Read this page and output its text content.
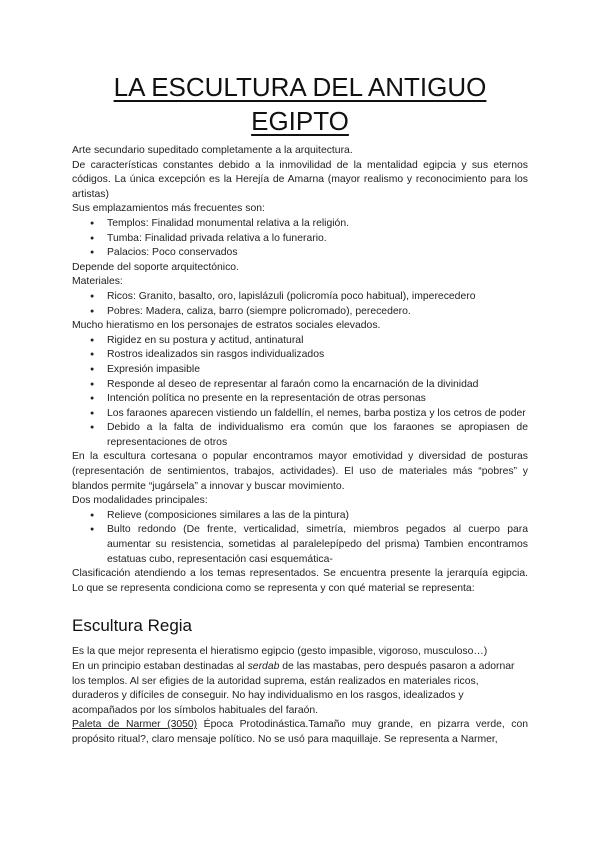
LA ESCULTURA DEL ANTIGUO EGIPTO

Arte secundario supeditado completamente a la arquitectura.

De características constantes debido a la inmovilidad de la mentalidad egipcia y sus eternos códigos. La única excepción es la Herejía de Amarna (mayor realismo y reconocimiento para los artistas)

Sus emplazamientos más frecuentes son:

● Templos: Finalidad monumental relativa a la religión.
● Tumba: Finalidad privada relativa a lo funerario.
● Palacios: Poco conservados

Depende del soporte arquitectónico.

Materiales:

● Ricos: Granito, basalto, oro, lapislázuli (policromía poco habitual), imperecedero
● Pobres: Madera, caliza, barro (siempre policromado), perecedero.

Mucho hieratismo en los personajes de estratos sociales elevados.

● Rigidez en su postura y actitud, antinatural
● Rostros idealizados sin rasgos individualizados
● Expresión impasible
● Responde al deseo de representar al faraón como la encarnación de la divinidad
● Intención política no presente en la representación de otras personas
● Los faraones aparecen vistiendo un faldellín, el nemes, barba postiza y los cetros de poder
● Debido a la falta de individualismo era común que los faraones se apropiasen de representaciones de otros

En la escultura cortesana o popular encontramos mayor emotividad y diversidad de posturas (representación de sentimientos, trabajos, actividades). El uso de materiales más “pobres” y blandos permite “jugársela” a innovar y buscar movimiento.

Dos modalidades principales:

● Relieve (composiciones similares a las de la pintura)
● Bulto redondo (De frente, verticalidad, simetría, miembros pegados al cuerpo para aumentar su resistencia, sometidas al paralelepípedo del prisma) Tambien encontramos estatuas cubo, representación casi esquemática-

Clasificación atendiendo a los temas representados. Se encuentra presente la jerarquía egipcia. Lo que se representa condiciona como se representa y con qué material se representa:

Escultura Regia

Es la que mejor representa el hieratismo egipcio (gesto impasible, vigoroso, musculoso…)

En un principio estaban destinadas al serdab de las mastabas, pero después pasaron a adornar los templos. Al ser efigies de la autoridad suprema, están realizados en materiales ricos, duraderos y difíciles de conseguir. No hay individualismo en los rasgos, idealizados y acompañados por los símbolos habituales del faraón.

Paleta de Narmer (3050) Época Protodinástica.Tamaño muy grande, en pizarra verde, con propósito ritual?, claro mensaje político. No se usó para maquillaje. Se representa a Narmer,
